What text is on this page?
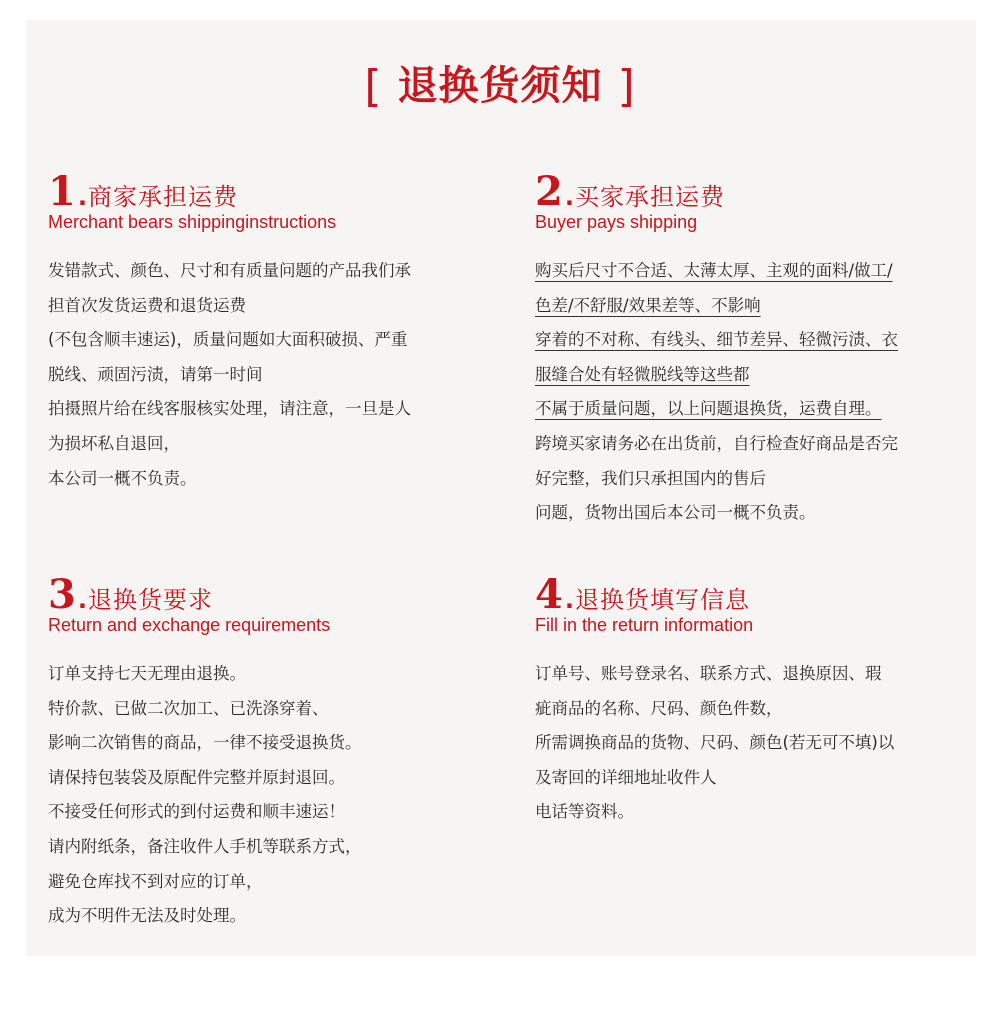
[ 退换货须知 ]
1.商家承担运费
Merchant bears shippinginstructions
发错款式、颜色、尺寸和有质量问题的产品我们承
担首次发货运费和退货运费
(不包含顺丰速运)，质量问题如大面积破损、严重
脱线、顽固污渍，请第一时间
拍摄照片给在线客服核实处理，请注意，一旦是人
为损坏私自退回，
本公司一概不负责。
2.买家承担运费
Buyer pays shipping
购买后尺寸不合适、太薄太厚、主观的面料/做工/
色差/不舒服/效果差等、不影响
穿着的不对称、有线头、细节差异、轻微污渍、衣
服缝合处有轻微脱线等这些都
不属于质量问题，以上问题退换货，运费自理。
跨境买家请务必在出货前，自行检查好商品是否完
好完整，我们只承担国内的售后
问题，货物出国后本公司一概不负责。
3.退换货要求
Return and exchange requirements
订单支持七天无理由退换。
特价款、已做二次加工、已洗涤穿着、
影响二次销售的商品，一律不接受退换货。
请保持包装袋及原配件完整并原封退回。
不接受任何形式的到付运费和顺丰速运！
请内附纸条，备注收件人手机等联系方式，
避免仓库找不到对应的订单，
成为不明件无法及时处理。
4.退换货填写信息
Fill in the return information
订单号、账号登录名、联系方式、退换原因、瑕
疵商品的名称、尺码、颜色件数，
所需调换商品的货物、尺码、颜色(若无可不填)以
及寄回的详细地址收件人
电话等资料。
